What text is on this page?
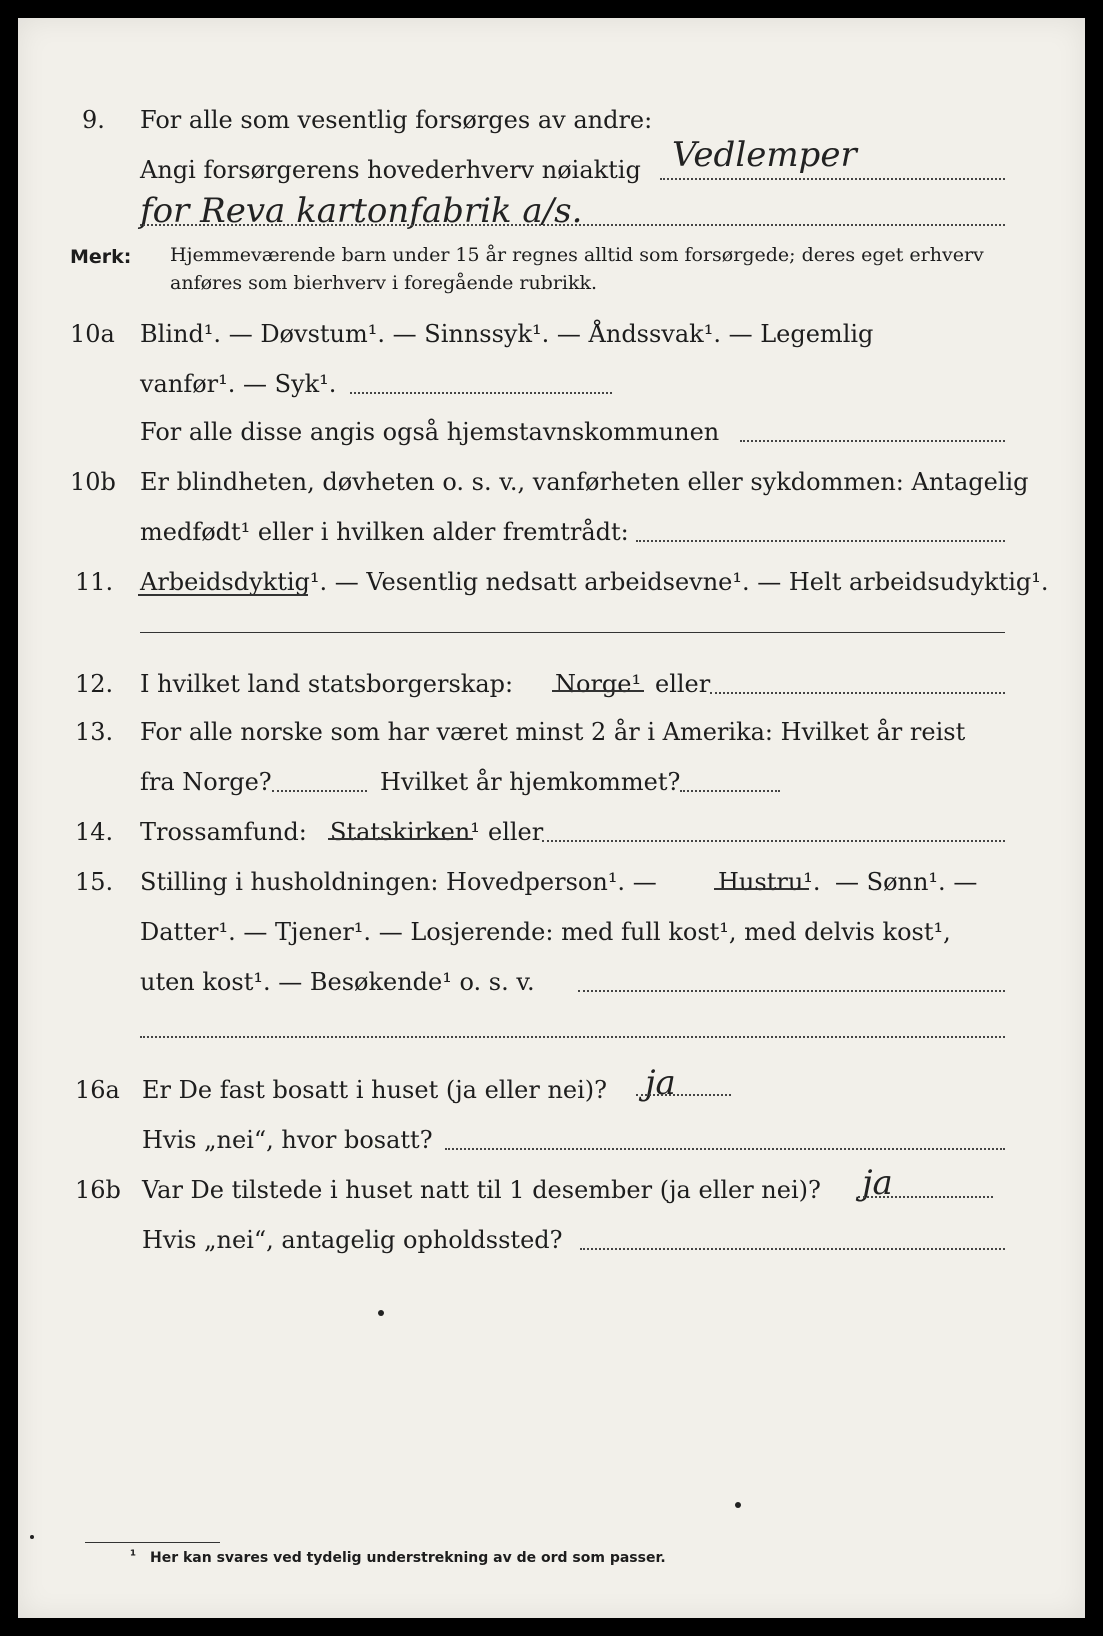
9. For alle som vesentlig forsørges av andre:
Angi forsørgerens hovederhverv nøiaktig Vedlemper
for Reva kartonfabrik a/s.
Merk: Hjemmeværende barn under 15 år regnes alltid som forsørgede; deres eget erhverv
anføres som bierhverv i foregående rubrikk.
10a Blind¹. — Døvstum¹. — Sinnssyk¹. — Åndssvak¹. — Legemlig
vanfør¹. — Syk¹.
For alle disse angis også hjemstavnskommunen
10b Er blindheten, døvheten o. s. v., vanførheten eller sykdommen: Antagelig
medfødt¹ eller i hvilken alder fremtrådt:
11. Arbeidsdyktig¹. — Vesentlig nedsatt arbeidsevne¹. — Helt arbeidsudyktig¹.
12. I hvilket land statsborgerskap: Norge¹ eller
13. For alle norske som har været minst 2 år i Amerika: Hvilket år reist
fra Norge?	Hvilket år hjemkommet?
14. Trossamfund: Statskirken¹ eller
15. Stilling i husholdningen: Hovedperson¹. —	Hustru¹. — Sønn¹. —
Datter¹. — Tjener¹. — Losjerende: med full kost¹, med delvis kost¹,
uten kost¹. — Besøkende¹ o. s. v.
16a Er De fast bosatt i huset (ja eller nei)? ja
Hvis „nei“, hvor bosatt?
16b Var De tilstede i huset natt til 1 desember (ja eller nei)? ja
Hvis „nei“, antagelig opholdssted?
¹ Her kan svares ved tydelig understrekning av de ord som passer.
